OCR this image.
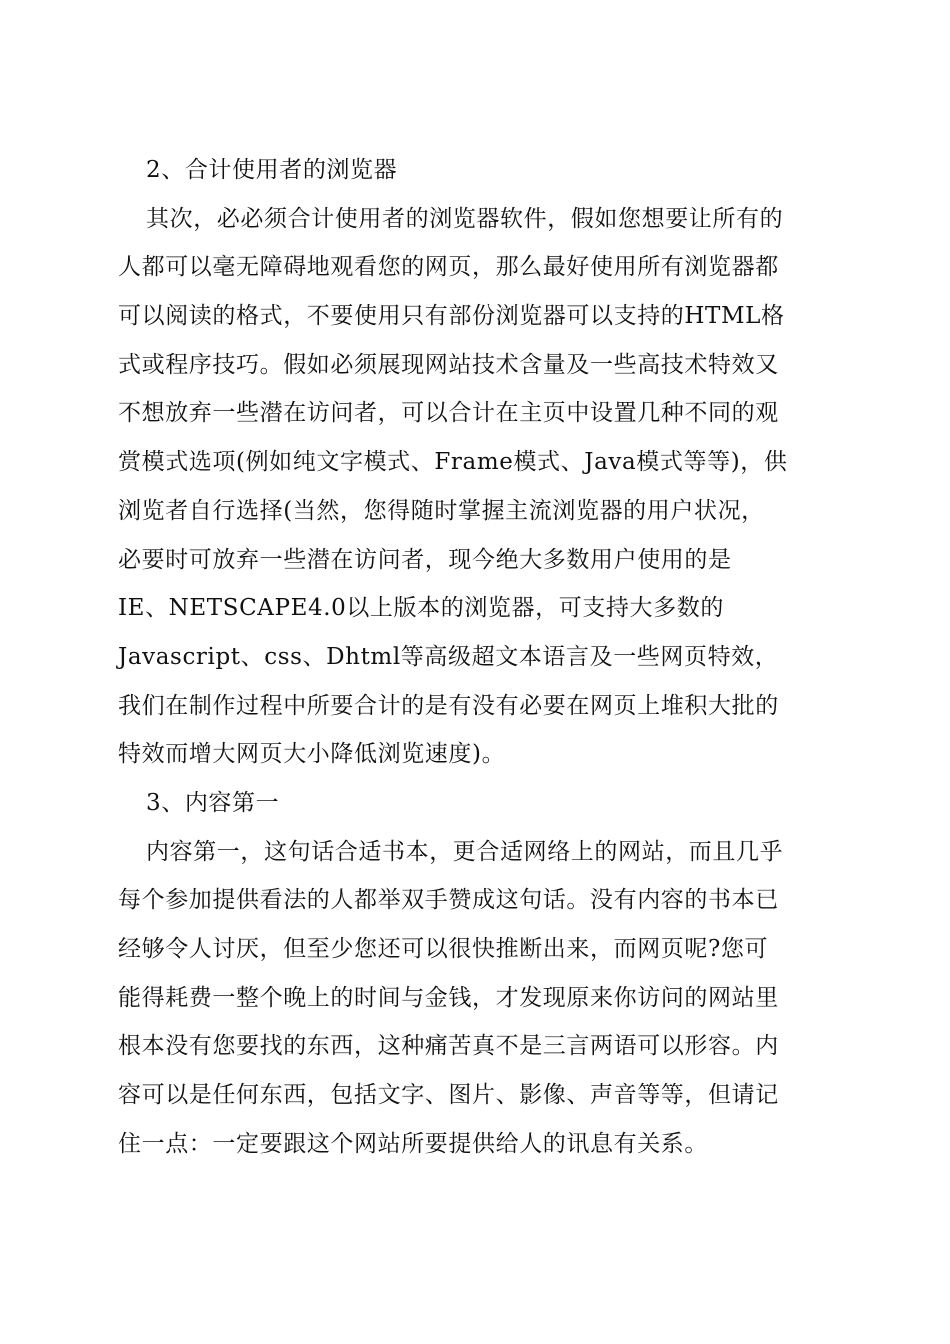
2、合计使用者的浏览器
其次，必必须合计使用者的浏览器软件，假如您想要让所有的
人都可以毫无障碍地观看您的网页，那么最好使用所有浏览器都
可以阅读的格式，不要使用只有部份浏览器可以支持的HTML格
式或程序技巧。假如必须展现网站技术含量及一些高技术特效又
不想放弃一些潜在访问者，可以合计在主页中设置几种不同的观
赏模式选项(例如纯文字模式、Frame模式、Java模式等等)，供
浏览者自行选择(当然，您得随时掌握主流浏览器的用户状况，
必要时可放弃一些潜在访问者，现今绝大多数用户使用的是
IE、NETSCAPE4.0以上版本的浏览器，可支持大多数的
Javascript、css、Dhtml等高级超文本语言及一些网页特效，
我们在制作过程中所要合计的是有没有必要在网页上堆积大批的
特效而增大网页大小降低浏览速度)。
3、内容第一
内容第一，这句话合适书本，更合适网络上的网站，而且几乎
每个参加提供看法的人都举双手赞成这句话。没有内容的书本已
经够令人讨厌，但至少您还可以很快推断出来，而网页呢?您可
能得耗费一整个晚上的时间与金钱，才发现原来你访问的网站里
根本没有您要找的东西，这种痛苦真不是三言两语可以形容。内
容可以是任何东西，包括文字、图片、影像、声音等等，但请记
住一点：一定要跟这个网站所要提供给人的讯息有关系。
